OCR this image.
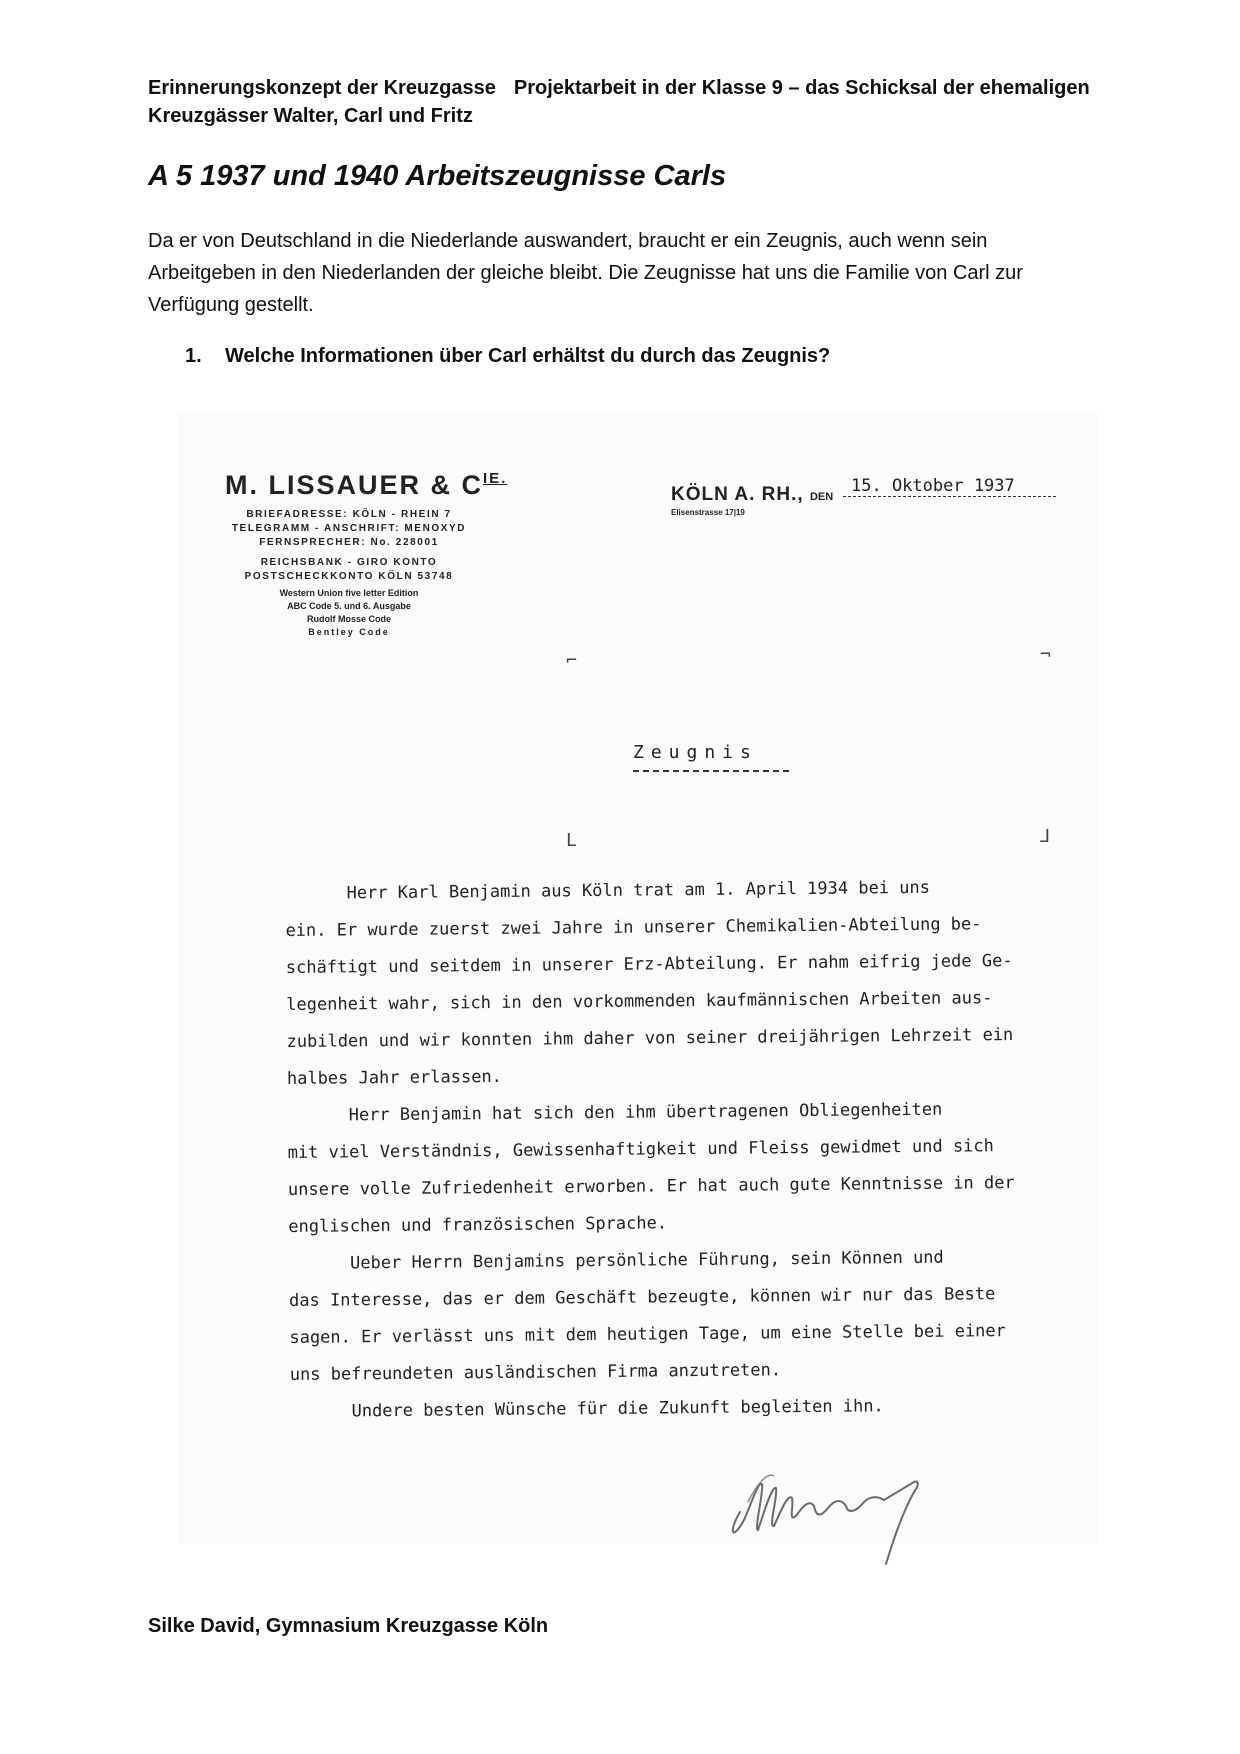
Erinnerungskonzept der Kreuzgasse Projektarbeit in der Klasse 9 – das Schicksal der ehemaligen
Kreuzgässer Walter, Carl und Fritz
A 5 1937 und 1940 Arbeitszeugnisse Carls

Da er von Deutschland in die Niederlande auswandert, braucht er ein Zeugnis, auch wenn sein Arbeitgeben in den Niederlanden der gleiche bleibt. Die Zeugnisse hat uns die Familie von Carl zur Verfügung gestellt.

1. Welche Informationen über Carl erhältst du durch das Zeugnis?
M. LISSAUER & $C^{IE.}$
BRIEFADRESSE: KÖLN - RHEIN 7
TELEGRAMM - ANSCHRIFT: MENOXYD
FERNSPRECHER: No. 228001
REICHSBANK - GIRO KONTO
POSTSCHECKKONTO KÖLN 53748
Western Union five letter Edition
ABC Code 5. und 6. Ausgabe
Rudolf Mosse Code
Bentley Code
KÖLN A. RH., DEN
Elisenstrasse 17|19
15. Oktober 1937
⌐	¬
L	⅃
Zeugnis

Herr Karl Benjamin aus Köln trat am 1. April 1934 bei uns

ein. Er wurde zuerst zwei Jahre in unserer Chemikalien-Abteilung be-

schäftigt und seitdem in unserer Erz-Abteilung. Er nahm eifrig jede Ge-

legenheit wahr, sich in den vorkommenden kaufmännischen Arbeiten aus-

zubilden und wir konnten ihm daher von seiner dreijährigen Lehrzeit ein

halbes Jahr erlassen.

Herr Benjamin hat sich den ihm übertragenen Obliegenheiten

mit viel Verständnis, Gewissenhaftigkeit und Fleiss gewidmet und sich

unsere volle Zufriedenheit erworben. Er hat auch gute Kenntnisse in der

englischen und französischen Sprache.

Ueber Herrn Benjamins persönliche Führung, sein Können und

das Interesse, das er dem Geschäft bezeugte, können wir nur das Beste

sagen. Er verlässt uns mit dem heutigen Tage, um eine Stelle bei einer

uns befreundeten ausländischen Firma anzutreten.

Undere besten Wünsche für die Zukunft begleiten ihn.

Silke David, Gymnasium Kreuzgasse Köln
